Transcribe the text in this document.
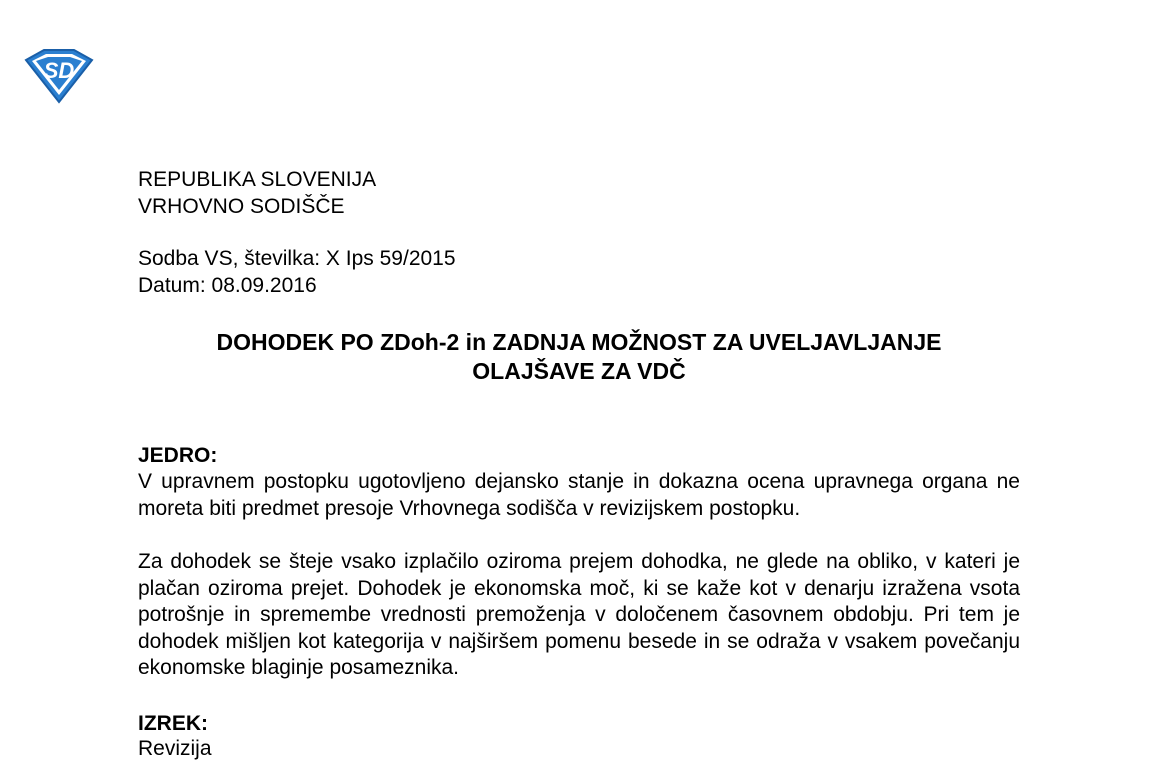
SD
REPUBLIKA SLOVENIJA
VRHOVNO SODIŠČE
Sodba VS, številka: X Ips 59/2015
Datum: 08.09.2016
DOHODEK PO ZDoh-2 in ZADNJA MOŽNOST ZA UVELJAVLJANJE
OLAJŠAVE ZA VDČ
JEDRO:
V upravnem postopku ugotovljeno dejansko stanje in dokazna ocena upravnega organa ne moreta biti predmet presoje Vrhovnega sodišča v revizijskem postopku.
Za dohodek se šteje vsako izplačilo oziroma prejem dohodka, ne glede na obliko, v kateri je plačan oziroma prejet. Dohodek je ekonomska moč, ki se kaže kot v denarju izražena vsota potrošnje in spremembe vrednosti premoženja v določenem časovnem obdobju. Pri tem je dohodek mišljen kot kategorija v najširšem pomenu besede in se odraža v vsakem povečanju ekonomske blaginje posameznika.
IZREK:
Revizija
